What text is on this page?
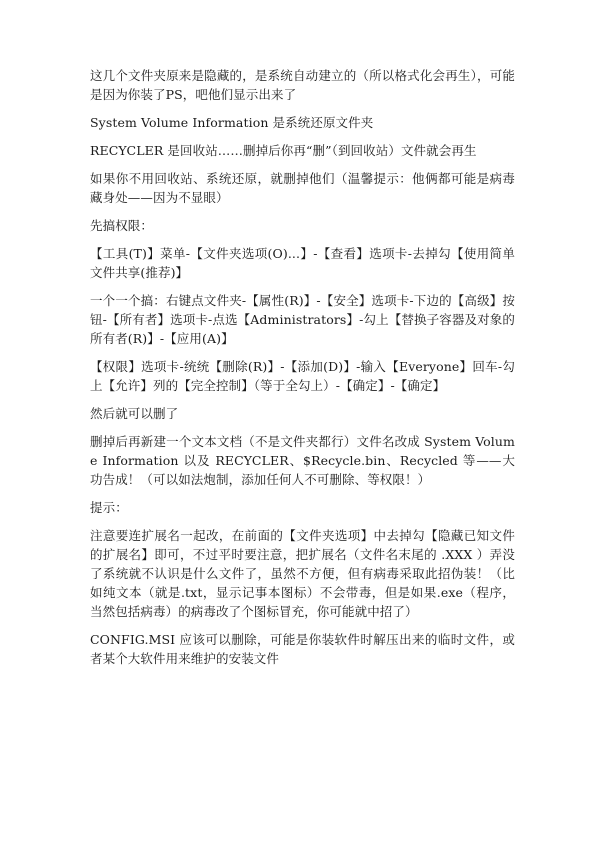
这几个文件夹原来是隐藏的，是系统自动建立的（所以格式化会再生），可能是因为你装了PS，吧他们显示出来了

System Volume Information 是系统还原文件夹

RECYCLER 是回收站……删掉后你再“删”（到回收站）文件就会再生

如果你不用回收站、系统还原，就删掉他们（温馨提示：他俩都可能是病毒藏身处——因为不显眼）

先搞权限：

【工具(T)】菜单-【文件夹选项(O)...】-【查看】选项卡-去掉勾【使用简单文件共享(推荐)】

一个一个搞：右键点文件夹-【属性(R)】-【安全】选项卡-下边的【高级】按钮-【所有者】选项卡-点选【Administrators】-勾上【替换子容器及对象的所有者(R)】-【应用(A)】

【权限】选项卡-统统【删除(R)】-【添加(D)】-输入【Everyone】回车-勾上【允许】列的【完全控制】（等于全勾上）-【确定】-【确定】

然后就可以删了

删掉后再新建一个文本文档（不是文件夹都行）文件名改成 System Volume Information 以及 RECYCLER、$Recycle.bin、Recycled 等——大功告成！（可以如法炮制，添加任何人不可删除、等权限！）

提示：

注意要连扩展名一起改，在前面的【文件夹选项】中去掉勾【隐藏已知文件的扩展名】即可，不过平时要注意，把扩展名（文件名末尾的 .XXX ）弄没了系统就不认识是什么文件了，虽然不方便，但有病毒采取此招伪装！（比如纯文本（就是.txt，显示记事本图标）不会带毒，但是如果.exe（程序，当然包括病毒）的病毒改了个图标冒充，你可能就中招了）

CONFIG.MSI 应该可以删除，可能是你装软件时解压出来的临时文件，或者某个大软件用来维护的安装文件
